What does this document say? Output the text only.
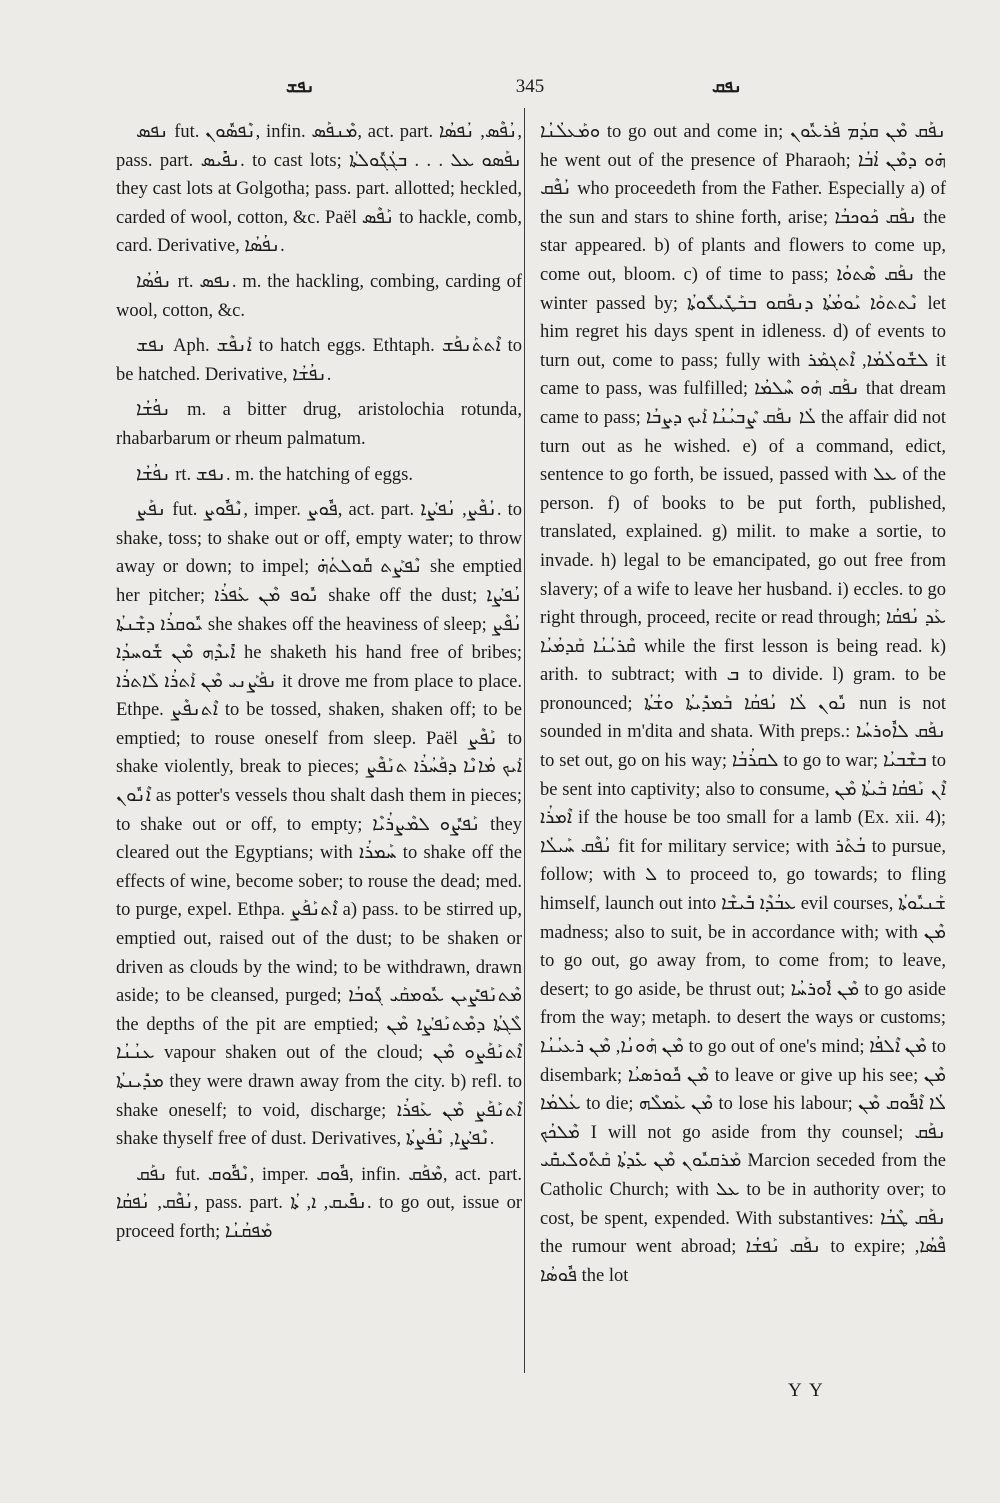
ܢܦܫ	345	ܢܦܩ

ܢܦܣ fut. ܢܶܦܣܽܘܢ, infin. ܡܶܢܦܰܣ, act. part. ܢܳܦܶܣ, ܢܳܦܣܳܐ, pass. part. ܢܦܺܝܣ. to cast lots; ܢܦܰܣܘ ܥܠ . . . ܒܓܳܓܽܘܠܬܳܐ they cast lots at Golgotha; pass. part. allotted; heckled, carded of wool, cotton, &c. Paël ܢܰܦܶܣ to hackle, comb, card. Derivative, ܢܦܳܣܳܐ.

ܢܦܳܣܳܐ rt. ܢܦܣ. m. the hackling, combing, carding of wool, cotton, &c.

ܢܦܫ Aph. ܐܰܢܦܶܫ to hatch eggs. Ethtaph. ܐܶܬܬܰܢܦܰܫ to be hatched. Derivative, ܢܦܳܫܳܐ.

ܢܦܳܫܳܐ m. a bitter drug, aristolochia rotunda, rhabarbarum or rheum palmatum.

ܢܦܳܫܳܐ rt. ܢܦܫ. m. the hatching of eggs.

ܢܦܰܨ fut. ܢܶܦܽܘܨ, imper. ܦܽܘܨ, act. part. ܢܳܦܶܨ, ܢܳܦܨܳܐ. to shake, toss; to shake out or off, empty water; to throw away or down; to impel; ܢܶܦܨܰܬ ܩܽܘܠܬܳܗ̇ she emptied her pitcher; ܢܽܘܦ ܡܶܢ ܥܰܦܪܳܐ shake off the dust; ܢܳܦܨܳܐ ܝܽܘܩܪܳܐ ܕܫܶܢܬܳܐ she shakes off the heaviness of sleep; ܢܳܦܶܨ ܐܺܝܕܶܗ ܡܶܢ ܫܽܘܚܕܳܐ he shaketh his hand free of bribes; ܢܦܰܨܰܢܝ ܡܶܢ ܐܰܬܪܳܐ ܠܰܐܬܪܳܐ it drove me from place to place. Ethpe. ܐܶܬܢܦܶܨ to be tossed, shaken, shaken off; to be emptied; to rouse oneself from sleep. Paël ܢܰܦܶܨ to shake violently, break to pieces; ܐܰܝܟ ܡܳܐܢܶܐ ܕܦܰܚܳܪܳܐ ܬܢܰܦܶܨ ܐܶܢܽܘܢ as potter's vessels thou shalt dash them in pieces; to shake out or off, to empty; ܢܰܦܨܽܘ ܠܡܶܨܪܳܝܶܐ they cleared out the Egyptians; with ܚܰܡܪܳܐ to shake off the effects of wine, become sober; to rouse the dead; med. to purge, expel. Ethpa. ܐܶܬܢܰܦܰܨ a) pass. to be stirred up, emptied out, raised out of the dust; to be shaken or driven as clouds by the wind; to be withdrawn, drawn aside; to be cleansed, purged; ܡܶܬܢܰܦܨܺܝܢ ܥܽܘܡܩܰܝ ܓܽܘܒܳܐ the depths of the pit are emptied; ܠܶܓܬܳܐ ܕܡܶܬܢܰܦܨܳܐ ܡܶܢ ܥܢܳܢܳܐ vapour shaken out of the cloud; ܐܶܬܢܰܦܰܨܘ ܡܶܢ ܡܕܺܝܢܬܳܐ they were drawn away from the city. b) refl. to shake oneself; to void, discharge; ܐܶܬܢܰܦܰܨ ܡܶܢ ܥܰܦܪܳܐ shake thyself free of dust. Derivatives, ܢܶܦܨܳܐ, ܢܶܦܳܨܬܳܐ.

ܢܦܰܩ fut. ܢܶܦܽܘܩ, imper. ܦܽܘܩ, infin. ܡܶܦܰܩ, act. part. ܢܳܦܶܩ, ܢܳܦܩܳܐ, pass. part. ܢܦܺܝܩ, ܐ, ܬܳܐ. to go out, issue or proceed forth; ܡܰܦܩܳܢܳܐ

ܘܡܰܥܠܳܢܳܐ to go out and come in; ܢܦܰܩ ܡܶܢ ܩܕܳܡ ܦܰܪܥܽܘܢ he went out of the presence of Pharaoh; ܗ̇ܘ ܕܡܶܢ ܐܳܒܳܐ ܢܳܦܶܩ who proceedeth from the Father. Especially a) of the sun and stars to shine forth, arise; ܢܦܰܩ ܟܰܘܟܒܳܐ the star appeared. b) of plants and flowers to come up, come out, bloom. c) of time to pass; ܢܦܰܩ ܣܶܬܘܳܐ the winter passed by; ܢܶܬܬܘܰܐ ܝܰܘܡܳܬܳܐ ܕܢܦܰܩܘ ܒܒܰܛܺܝܠܽܘܬܳܐ let him regret his days spent in idleness. d) of events to turn out, come to pass; fully with ܠܫܽܘܠܳܡܳܐ, ܐܶܬܓܡܰܪ it came to pass, was fulfilled; ܢܦܰܩ ܗܰܘ ܚܶܠܡܳܐ that dream came to pass; ܠܳܐ ܢܦܰܩ ܨܶܒܝܳܢܳܐ ܐܰܝܟ ܕܨܒܳܐ the affair did not turn out as he wished. e) of a command, edict, sentence to go forth, be issued, passed with ܥܠ of the person. f) of books to be put forth, published, translated, explained. g) milit. to make a sortie, to invade. h) legal to be emancipated, go out free from slavery; of a wife to leave her husband. i) eccles. to go right through, proceed, recite or read through; ܥܰܕ ܢܳܦܩܳܐ ܩܶܪܝܳܢܳܐ ܩܰܕܡܳܝܳܐ while the first lesson is being read. k) arith. to subtract; with ܒ to divide. l) gram. to be pronounced; ܢܽܘܢ ܠܳܐ ܢܳܦܩܳܐ ܒܰܡܕܺܝܬܳܐ ܘܫܳܬܳܐ nun is not sounded in m'dita and shata. With preps.: ܢܦܰܩ ܠܐܽܘܪܚܳܐ to set out, go on his way; ܠܩܪܳܒܳܐ to go to war; ܒܫܶܒܝܳܐ to be sent into captivity; also to consume, ܐܶܢ ܢܰܦܩܳܐ ܒܰܝܬܳܐ ܡܶܢ ܐܶܡܪܳܐ if the house be too small for a lamb (Ex. xii. 4); ܢܳܦܶܩ ܚܰܝܠܳܐ fit for military service; with ܒܳܬܰܪ to pursue, follow; with ܠ to proceed to, go towards; to fling himself, launch out into ܥܒܳܕܶܐ ܒܺܝܫܶܐ evil courses, ܫܰܢܝܽܘܬܳܐ madness; also to suit, be in accordance with; with ܡܶܢ to go out, go away from, to come from; to leave, desert; to go aside, be thrust out; ܡܶܢ ܐܽܘܪܚܳܐ to go aside from the way; metaph. to desert the ways or customs; ܡܶܢ ܗܰܘܢܳܐ, ܡܶܢ ܪܥܝܳܢܳܐ to go out of one's mind; ܡܶܢ ܐܶܠܦܳܐ to disembark; ܡܶܢ ܟܽܘܪܣܝܳܐ to leave or give up his see; ܡܶܢ ܥܳܠܡܳܐ to die; ܡܶܢ ܥܰܡܠܶܗ to lose his labour; ܠܳܐ ܐܶܦܽܘܩ ܡܶܢ ܡܶܠܟܳܟ I will not go aside from thy counsel; ܢܦܰܩ ܡܰܪܩܝܽܘܢ ܡܶܢ ܥܺܕܬܳܐ ܩܰܬܽܘܠܺܝܩܺܝ Marcion seceded from the Catholic Church; with ܥܠ to be in authority over; to cost, be spent, expended. With substantives: ܢܦܰܩ ܛܶܒܳܐ the rumour went abroad; ܢܦܰܩ ܢܰܦܫܳܐ to expire; ܦܶܣܳܐ, ܦܽܘܣܳܐ the lot

Y Y
